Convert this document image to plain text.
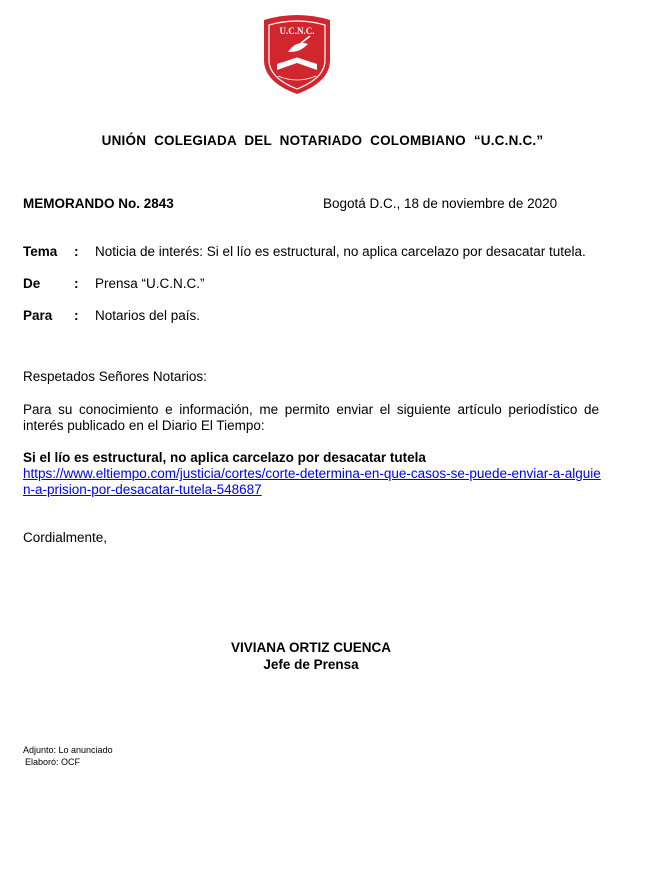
U.C.N.C.
UNIÓN COLEGIADA DEL NOTARIADO COLOMBIANO “U.C.N.C.”
MEMORANDO No. 2843	Bogotá D.C., 18 de noviembre de 2020
Tema : Noticia de interés: Si el lío es estructural, no aplica carcelazo por desacatar tutela.
De : Prensa “U.C.N.C.”
Para : Notarios del país.
Respetados Señores Notarios:
Para su conocimiento e información, me permito enviar el siguiente artículo periodístico de interés publicado en el Diario El Tiempo:
Si el lío es estructural, no aplica carcelazo por desacatar tutela
https://www.eltiempo.com/justicia/cortes/corte-determina-en-que-casos-se-puede-enviar-a-alguien-a-prision-por-desacatar-tutela-548687
Cordialmente,
VIVIANA ORTIZ CUENCA
Jefe de Prensa
Adjunto: Lo anunciado
Elaboró: OCF
